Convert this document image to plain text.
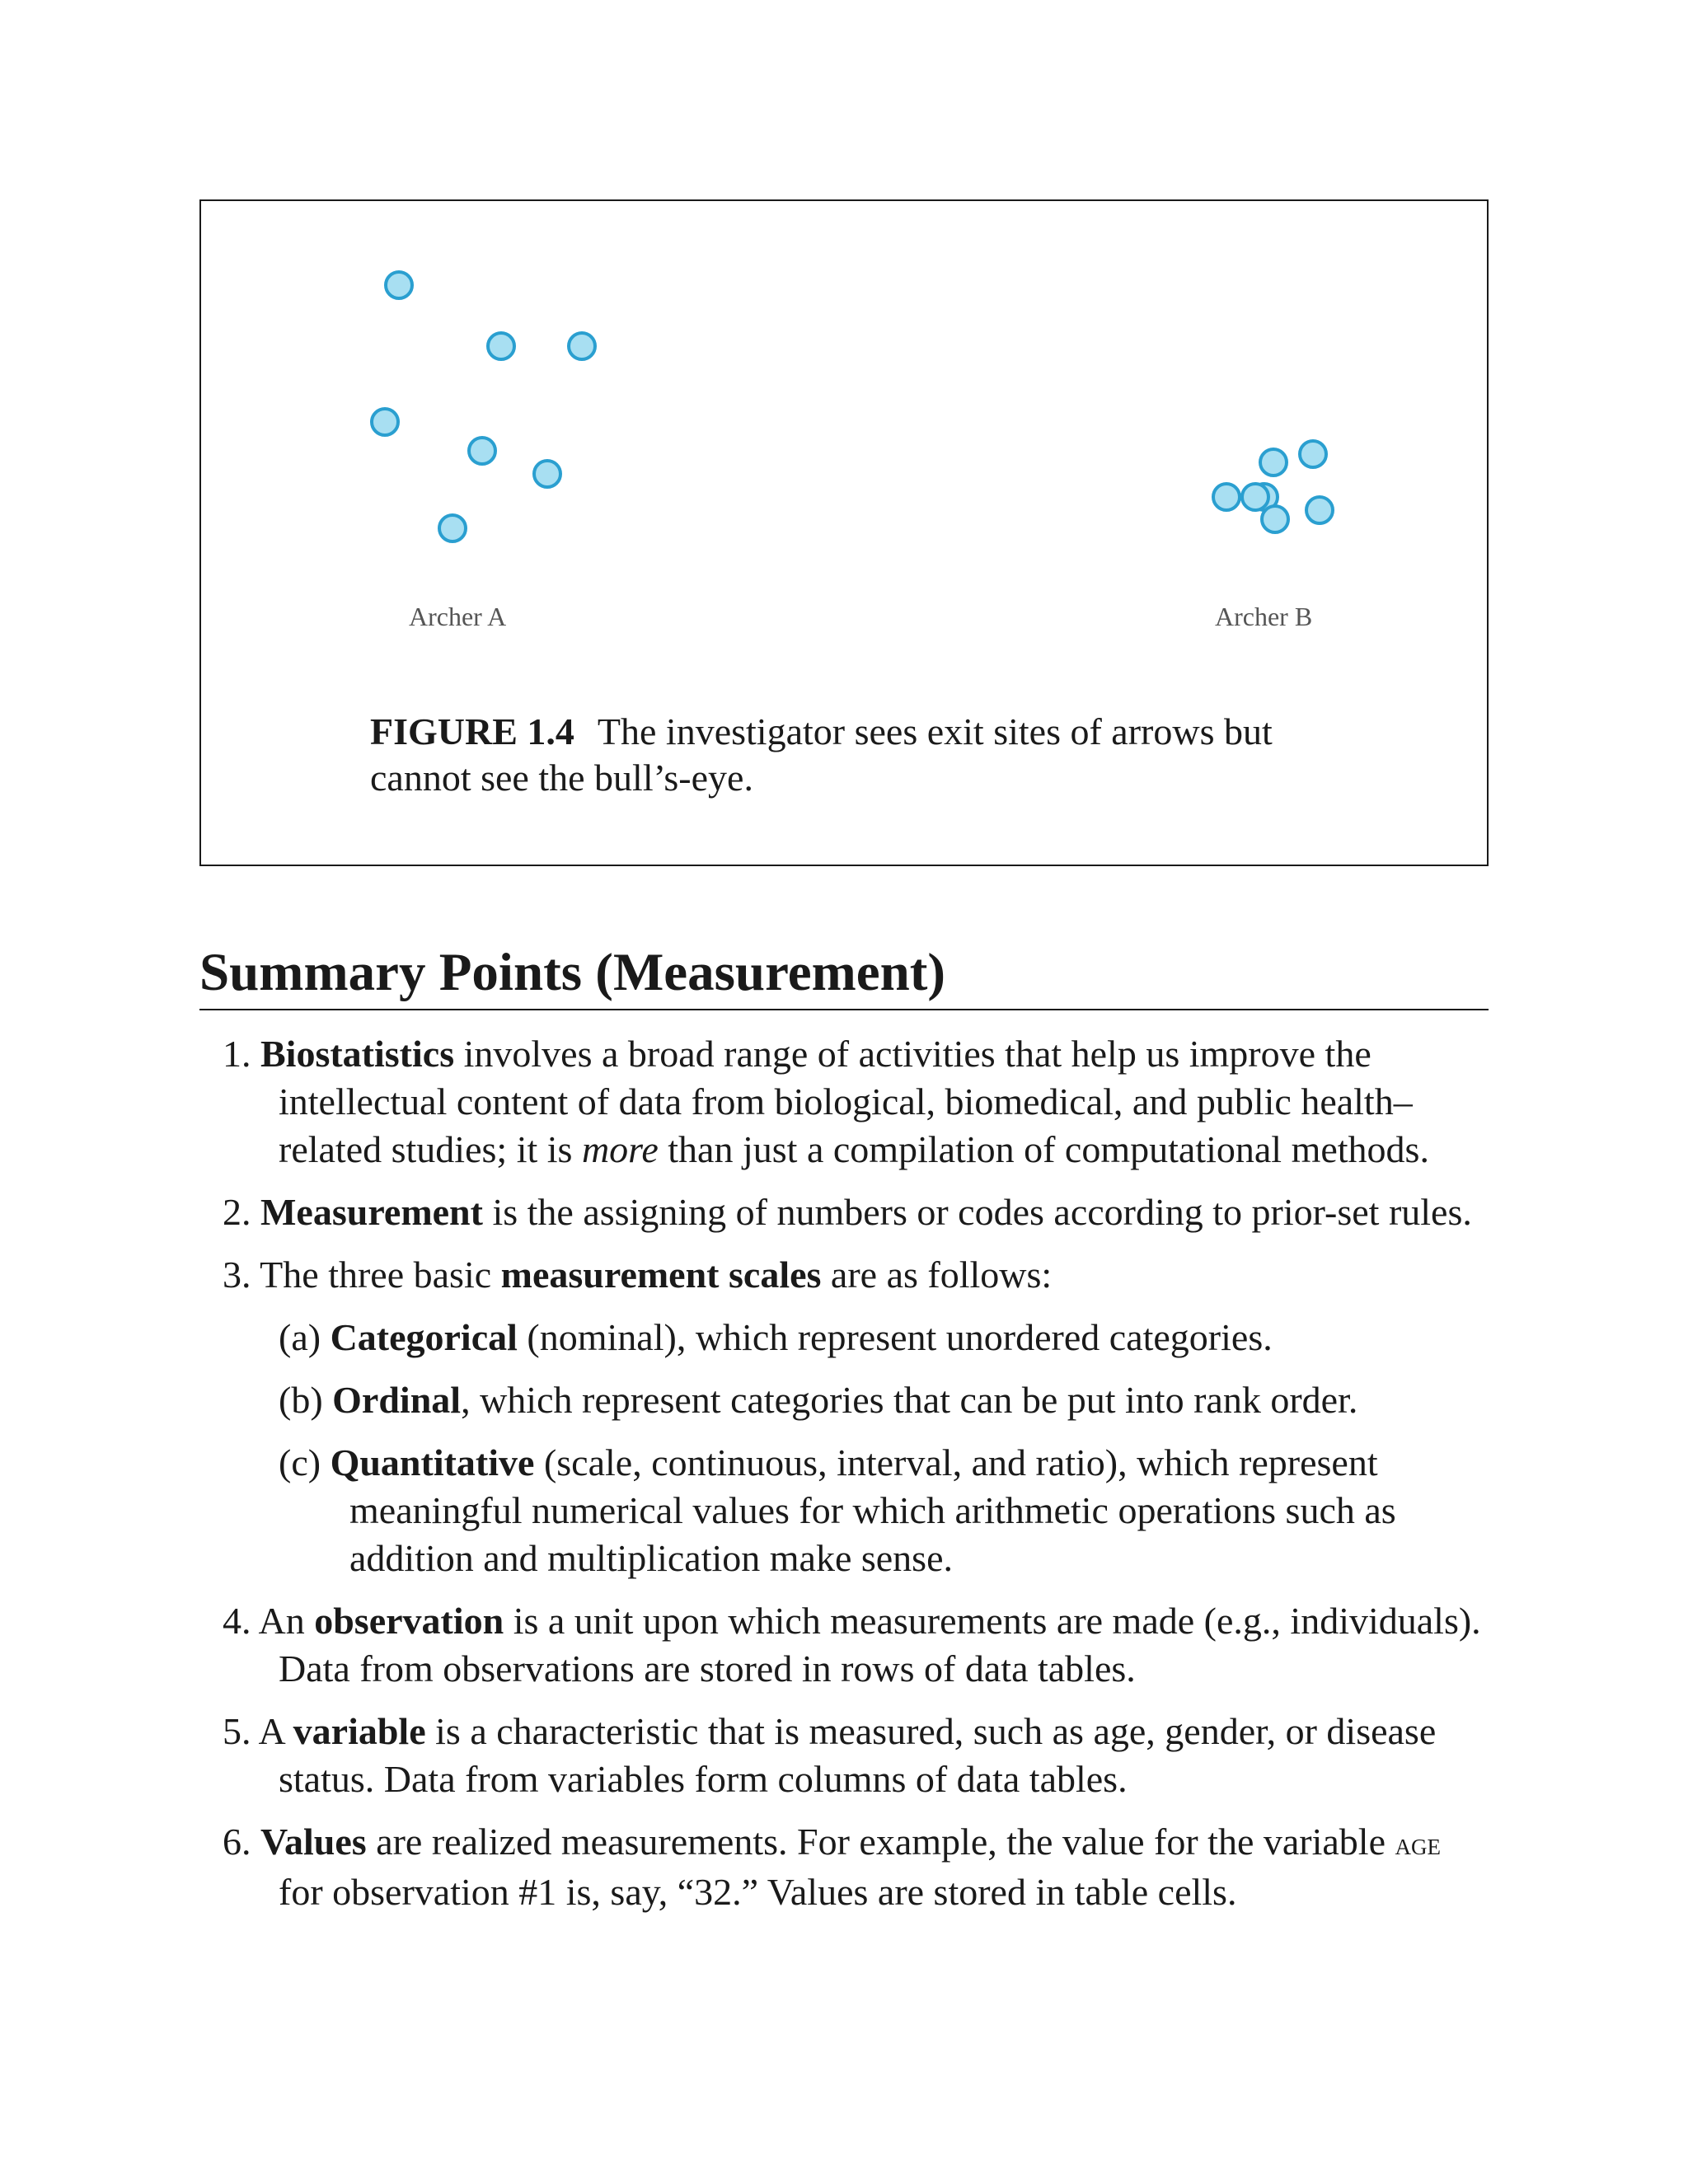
Archer A	Archer B
FIGURE 1.4 The investigator sees exit sites of arrows but cannot see the bull’s-eye.
Summary Points (Measurement)
1. Biostatistics involves a broad range of activities that help us improve the intellectual content of data from biological, biomedical, and public health–related studies; it is more than just a compilation of computational methods.
2. Measurement is the assigning of numbers or codes according to prior-set rules.
3. The three basic measurement scales are as follows:
(a) Categorical (nominal), which represent unordered categories.
(b) Ordinal, which represent categories that can be put into rank order.
(c) Quantitative (scale, continuous, interval, and ratio), which represent meaningful numerical values for which arithmetic operations such as addition and multiplication make sense.
4. An observation is a unit upon which measurements are made (e.g., individuals). Data from observations are stored in rows of data tables.
5. A variable is a characteristic that is measured, such as age, gender, or disease status. Data from variables form columns of data tables.
6. Values are realized measurements. For example, the value for the variable age for observation #1 is, say, “32.” Values are stored in table cells.
